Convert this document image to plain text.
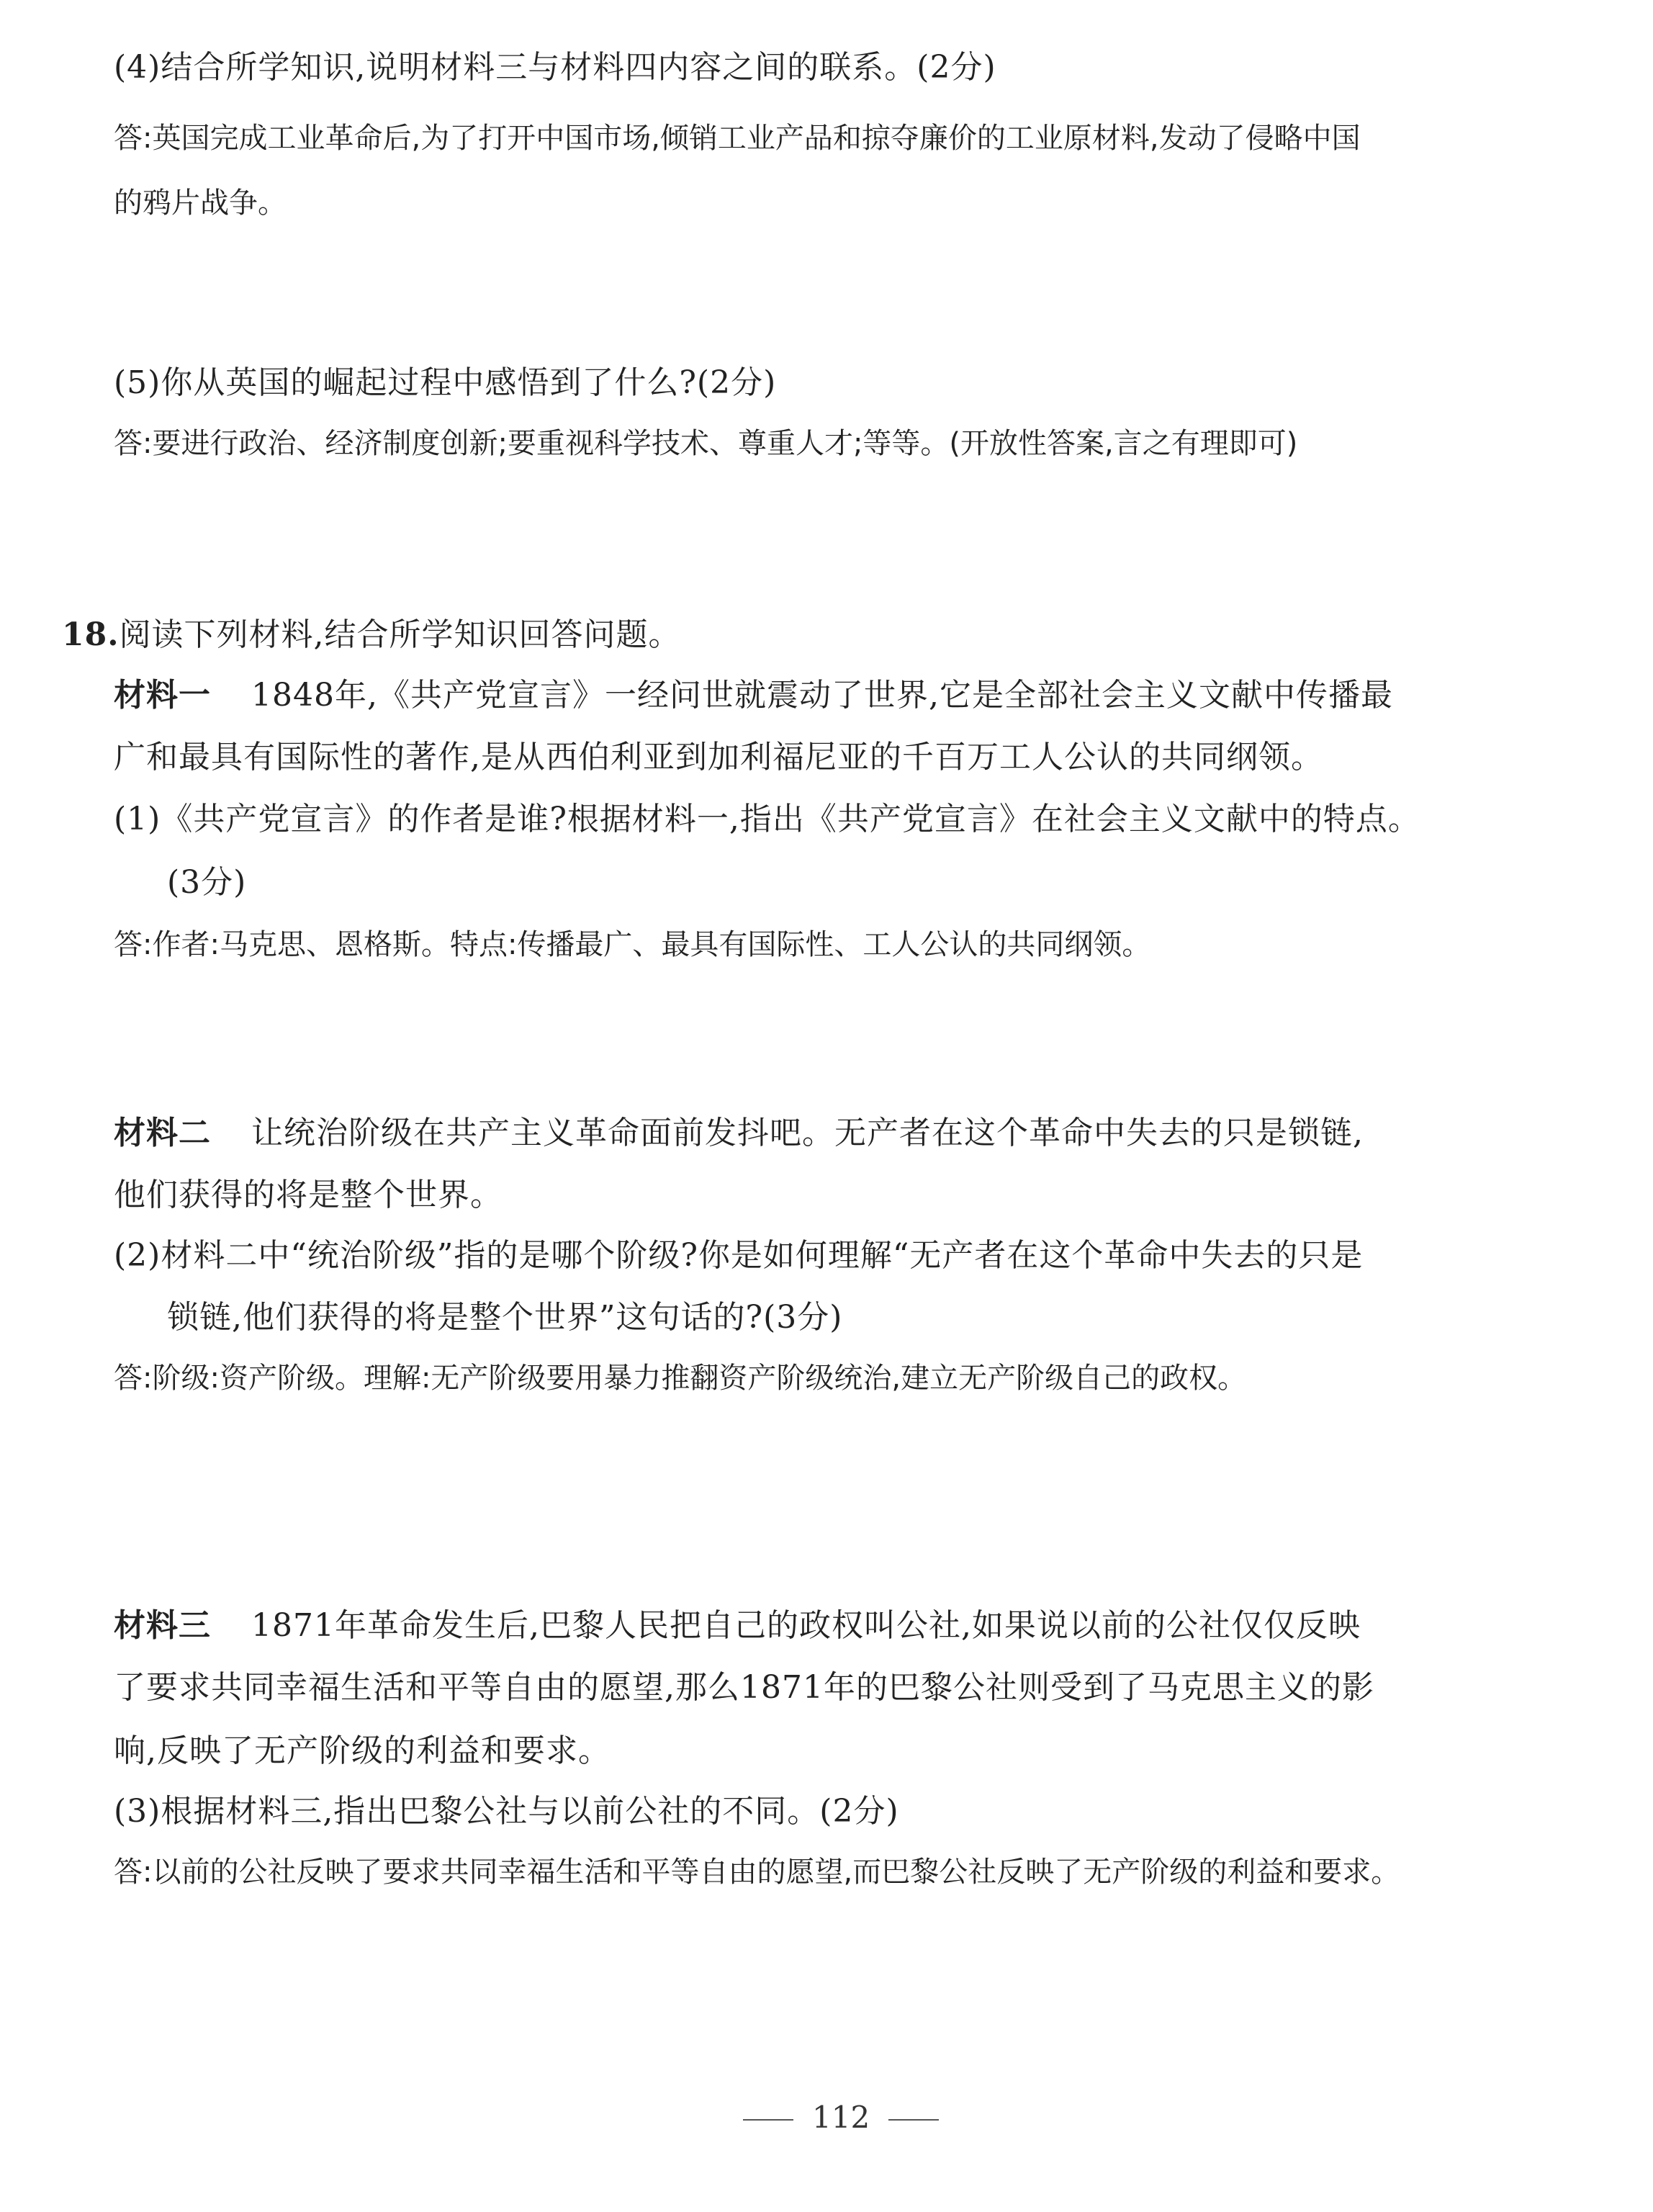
(4)结合所学知识,说明材料三与材料四内容之间的联系。(2分)
答:英国完成工业革命后,为了打开中国市场,倾销工业产品和掠夺廉价的工业原材料,发动了侵略中国
的鸦片战争。
(5)你从英国的崛起过程中感悟到了什么?(2分)
答:要进行政治、经济制度创新;要重视科学技术、尊重人才;等等。(开放性答案,言之有理即可)
18.阅读下列材料,结合所学知识回答问题。
材料一 1848年,《共产党宣言》一经问世就震动了世界,它是全部社会主义文献中传播最
广和最具有国际性的著作,是从西伯利亚到加利福尼亚的千百万工人公认的共同纲领。
(1)《共产党宣言》的作者是谁?根据材料一,指出《共产党宣言》在社会主义文献中的特点。
(3分)
答:作者:马克思、恩格斯。特点:传播最广、最具有国际性、工人公认的共同纲领。
材料二 让统治阶级在共产主义革命面前发抖吧。无产者在这个革命中失去的只是锁链,
他们获得的将是整个世界。
(2)材料二中“统治阶级”指的是哪个阶级?你是如何理解“无产者在这个革命中失去的只是
锁链,他们获得的将是整个世界”这句话的?(3分)
答:阶级:资产阶级。理解:无产阶级要用暴力推翻资产阶级统治,建立无产阶级自己的政权。
材料三 1871年革命发生后,巴黎人民把自己的政权叫公社,如果说以前的公社仅仅反映
了要求共同幸福生活和平等自由的愿望,那么1871年的巴黎公社则受到了马克思主义的影
响,反映了无产阶级的利益和要求。
(3)根据材料三,指出巴黎公社与以前公社的不同。(2分)
答:以前的公社反映了要求共同幸福生活和平等自由的愿望,而巴黎公社反映了无产阶级的利益和要求。
112
